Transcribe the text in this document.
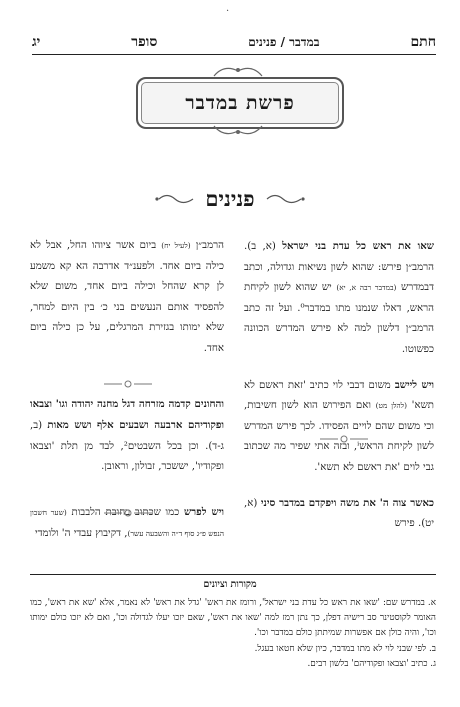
·
חתם
במדבר / פנינים
סופר
יג
פרשת במדבר
פנינים

שאו את ראש כל עדת בני ישראל (א, ב). הרמב״ן פירש: שהוא לשון נשיאות וגדולה, וכתב דבמדרש (במדבר רבה א, יא) יש שהוא לשון לקיחת הראש, דאלו שנמנו מתו במדבר⁰. ועל זה כתב הרמב״ן דלשון למה לא פירש המדרש הכוונה כפשוטו.

ויש ליישב משום דבבי לוי כתיב 'זאת ראשם לא תשא' (להלן מט) ואם הפירוש הוא לשון חשיבות, וכי משום שהם לויים הפסידו. לכך פירש המדרש לשון לקיחת הראשⁱ, ובזה אתי שפיר מה שכתוב גבי לוים 'את ראשם לא תשא'.

כאשר צוה ה' את משה ויפקדם במדבר סיני (א, יט). פירש

הרמב״ן (לעיל יח) ביום אשר ציוהו החל, אבל לא כילה ביום אחד. ולפענ״ד אדרבה הא קא משמע לן קרא שהחל וכילה ביום אחד, משום שלא להפסיד אותם הנעשים בני כ׳ בין היום למחר, שלא ימותו בגזירת המרגלים, על כן כילה ביום אחד.

והחונים קדמה מזרחה דגל מחנה יהודה וגו' וצבאו ופקודיהם ארבעה ושבעים אלף ושש מאות (ב, ג-ד). וכן בכל השבטים², לבד מן תלת 'וצבאו ופקודיו', יששכר, זבולון, וראובן.

ויש לפרש כמו שכתוב בחובת הלבבות (שער חשבון הנפש פ״ג סוף ד״ה והשבעה עשר), דקיבוץ עבדי ה' ולומדי

מקורות וציונים

א. במדרש שם: 'שאו את ראש כל עדת בני ישראל', ורומז את ראש' 'גדל את ראש' לא נאמר, אלא 'שא את ראש', כמו האומר לקוסטינר סב רישיה דפלן, כך נתן רמז למה 'שאו את ראש', שאם יזכו יעלו לגדולה וכו', ואם לא יזכו כולם ימותו וכו', והיה כולן אם אפשרות שמיתתן כולם במדבר וכו'.

ב. לפי שבני לוי לא מתו במדבר, כיון שלא חטאו בעגל.

ג. כתיב 'וצבאו ופקודיהם' בלשון רבים.
